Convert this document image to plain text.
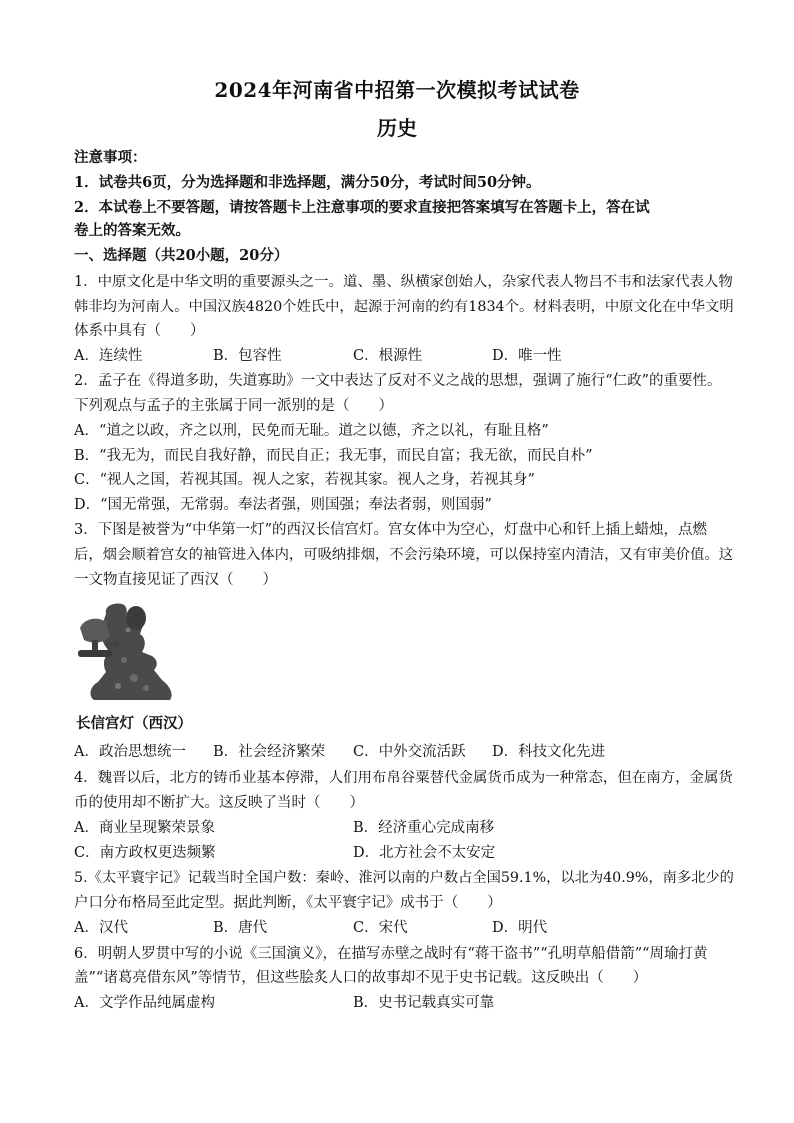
2024年河南省中招第一次模拟考试试卷
历史
注意事项：
1．试卷共6页，分为选择题和非选择题，满分50分，考试时间50分钟。
2．本试卷上不要答题，请按答题卡上注意事项的要求直接把答案填写在答题卡上，答在试
卷上的答案无效。
一、选择题（共20小题，20分）
1．中原文化是中华文明的重要源头之一。道、墨、纵横家创始人，杂家代表人物吕不韦和法家代表人物
韩非均为河南人。中国汉族4820个姓氏中，起源于河南的约有1834个。材料表明，中原文化在中华文明
体系中具有（　　）
A．连续性	B．包容性	C．根源性	D．唯一性
2．孟子在《得道多助，失道寡助》一文中表达了反对不义之战的思想，强调了施行“仁政”的重要性。
下列观点与孟子的主张属于同一派别的是（　　）
A．“道之以政，齐之以刑，民免而无耻。道之以德，齐之以礼，有耻且格”
B．“我无为，而民自我好静，而民自正；我无事，而民自富；我无欲，而民自朴”
C．“视人之国，若视其国。视人之家，若视其家。视人之身，若视其身”
D．“国无常强，无常弱。奉法者强，则国强；奉法者弱，则国弱”
3．下图是被誉为“中华第一灯”的西汉长信宫灯。宫女体中为空心，灯盘中心和钎上插上蜡烛，点燃
后，烟会顺着宫女的袖管进入体内，可吸纳排烟，不会污染环境，可以保持室内清洁，又有审美价值。这
一文物直接见证了西汉（　　）
长信宫灯（西汉）
A．政治思想统一 B．社会经济繁荣 C．中外交流活跃 D．科技文化先进
4．魏晋以后，北方的铸币业基本停滞，人们用布帛谷粟替代金属货币成为一种常态，但在南方，金属货
币的使用却不断扩大。这反映了当时（　　）
A．商业呈现繁荣景象	B．经济重心完成南移
C．南方政权更迭频繁	D．北方社会不太安定
5.《太平寰宇记》记载当时全国户数：秦岭、淮河以南的户数占全国59.1%，以北为40.9%，南多北少的
户口分布格局至此定型。据此判断，《太平寰宇记》成书于（　　）
A．汉代	B．唐代	C．宋代	D．明代
6．明朝人罗贯中写的小说《三国演义》，在描写赤壁之战时有“蒋干盗书”“孔明草船借箭”“周瑜打黄
盖”“诸葛亮借东风”等情节，但这些脍炙人口的故事却不见于史书记载。这反映出（　　）
A．文学作品纯属虚构	B．史书记载真实可靠
